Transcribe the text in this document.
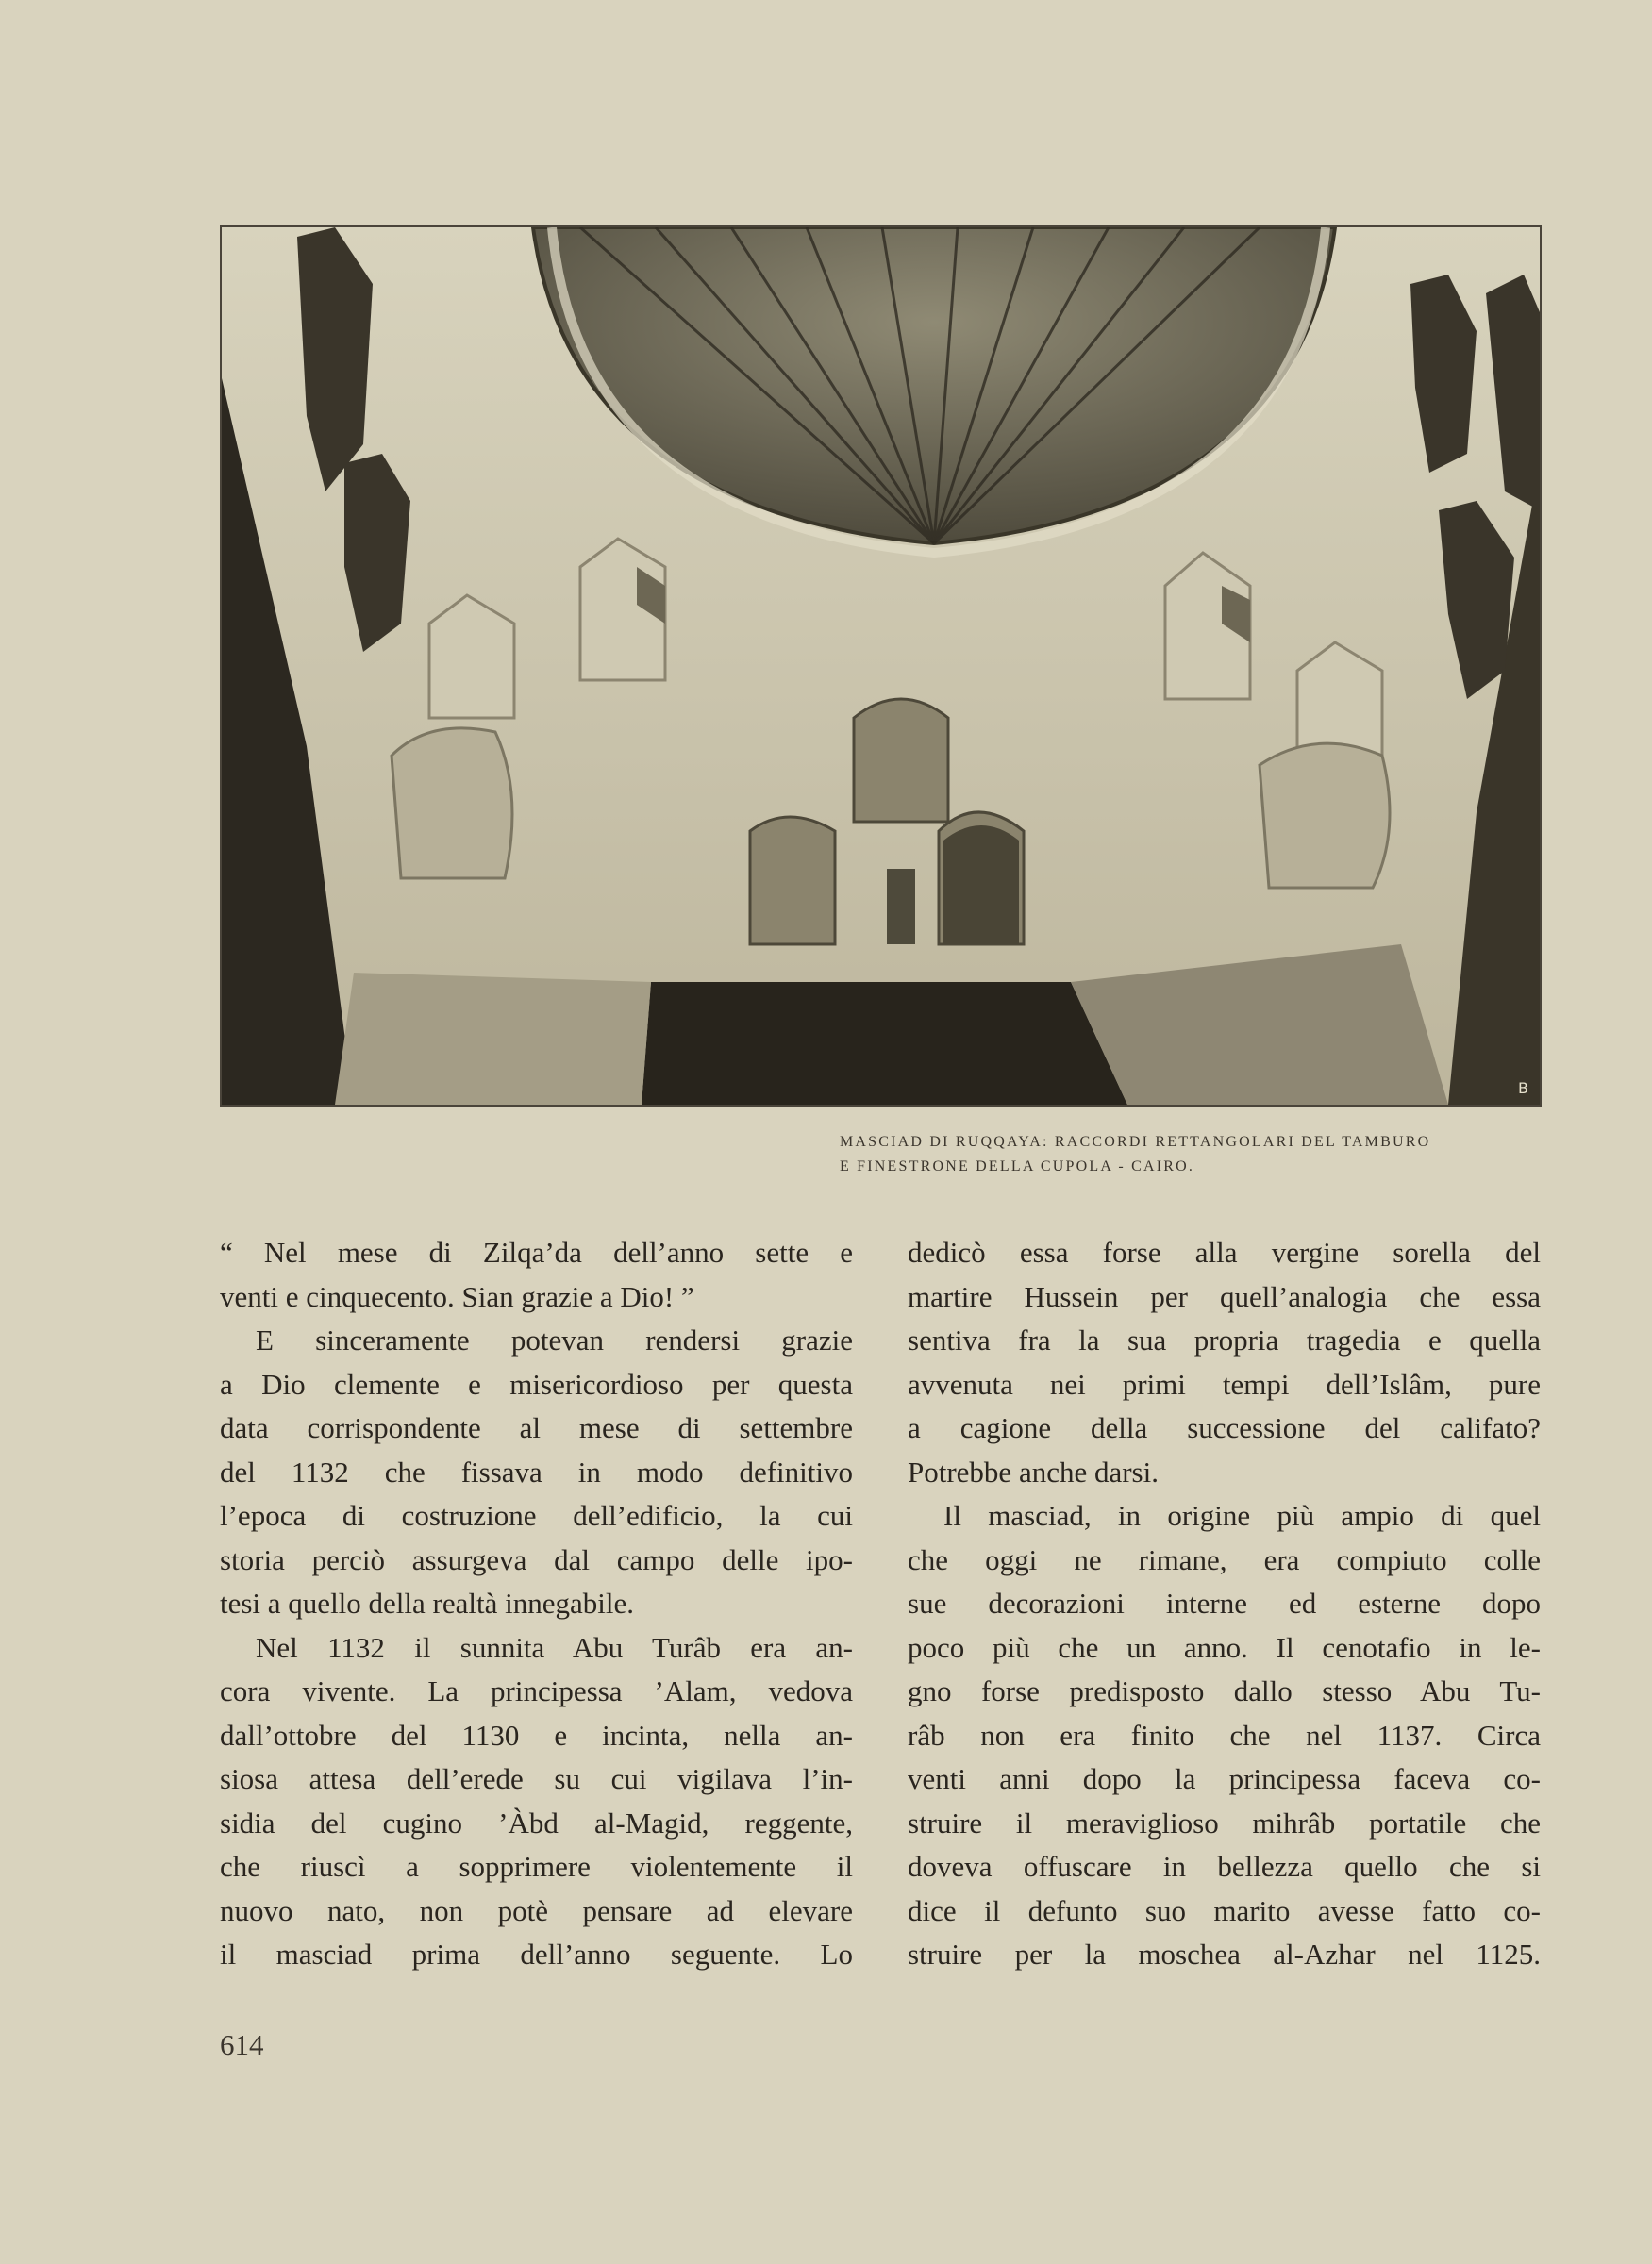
B
MASCIAD DI RUQQAYA: RACCORDI RETTANGOLARI DEL TAMBURO
E FINESTRONE DELLA CUPOLA - CAIRO.
“ Nel mese di Zilqa’da dell’anno sette e
venti e cinquecento. Sian grazie a Dio! ”
E sinceramente potevan rendersi grazie
a Dio clemente e misericordioso per questa
data corrispondente al mese di settembre
del 1132 che fissava in modo definitivo
l’epoca di costruzione dell’edificio, la cui
storia perciò assurgeva dal campo delle ipo-
tesi a quello della realtà innegabile.
Nel 1132 il sunnita Abu Turâb era an-
cora vivente. La principessa ’Alam, vedova
dall’ottobre del 1130 e incinta, nella an-
siosa attesa dell’erede su cui vigilava l’in-
sidia del cugino ’Àbd al-Magid, reggente,
che riuscì a sopprimere violentemente il
nuovo nato, non potè pensare ad elevare
il masciad prima dell’anno seguente. Lo
dedicò essa forse alla vergine sorella del
martire Hussein per quell’analogia che essa
sentiva fra la sua propria tragedia e quella
avvenuta nei primi tempi dell’Islâm, pure
a cagione della successione del califato?
Potrebbe anche darsi.
Il masciad, in origine più ampio di quel
che oggi ne rimane, era compiuto colle
sue decorazioni interne ed esterne dopo
poco più che un anno. Il cenotafio in le-
gno forse predisposto dallo stesso Abu Tu-
râb non era finito che nel 1137. Circa
venti anni dopo la principessa faceva co-
struire il meraviglioso mihrâb portatile che
doveva offuscare in bellezza quello che si
dice il defunto suo marito avesse fatto co-
struire per la moschea al-Azhar nel 1125.
614
